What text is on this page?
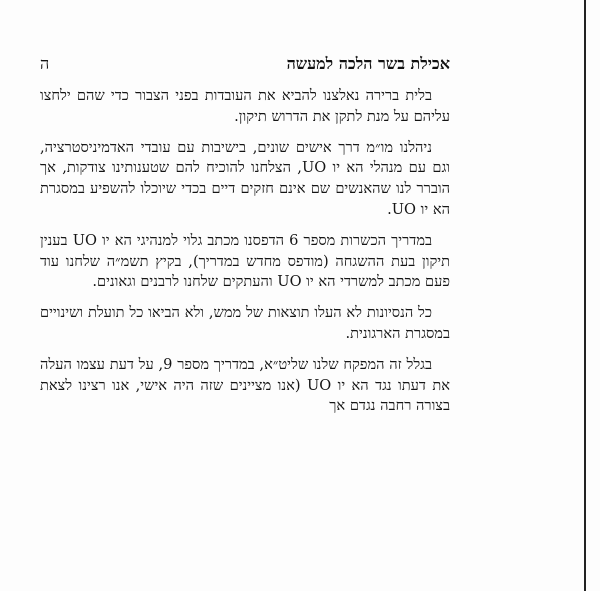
אכילת בשר הלכה למעשה
ה

בלית ברירה נאלצנו להביא את העובדות בפני הצבור כדי שהם ילחצו עליהם על מנת לתקן את הדרוש תיקון.

ניהלנו מו״מ דרך אישים שונים, בישיבות עם עובדי האדמיניסטרציה, וגם עם מנהלי הא יו UO, הצלחנו להוכיח להם שטענותינו צודקות, אך הוברר לנו שהאנשים שם אינם חזקים דיים בכדי שיוכלו להשפיע במסגרת הא יו UO.

במדריך הכשרות מספר 6 הדפסנו מכתב גלוי למנהיגי הא יו UO בענין תיקון בעת ההשגחה (מודפס מחדש במדריך), בקיץ תשמ״ה שלחנו עוד פעם מכתב למשרדי הא יו UO והעתקים שלחנו לרבנים וגאונים.

כל הנסיונות לא העלו תוצאות של ממש, ולא הביאו כל תועלת ושינויים במסגרת הארגונית.

בגלל זה המפקח שלנו שליט״א, במדריך מספר 9, על דעת עצמו העלה את דעתו נגד הא יו UO (אנו מציינים שזה היה אישי, אנו רצינו לצאת בצורה רחבה נגדם אך
